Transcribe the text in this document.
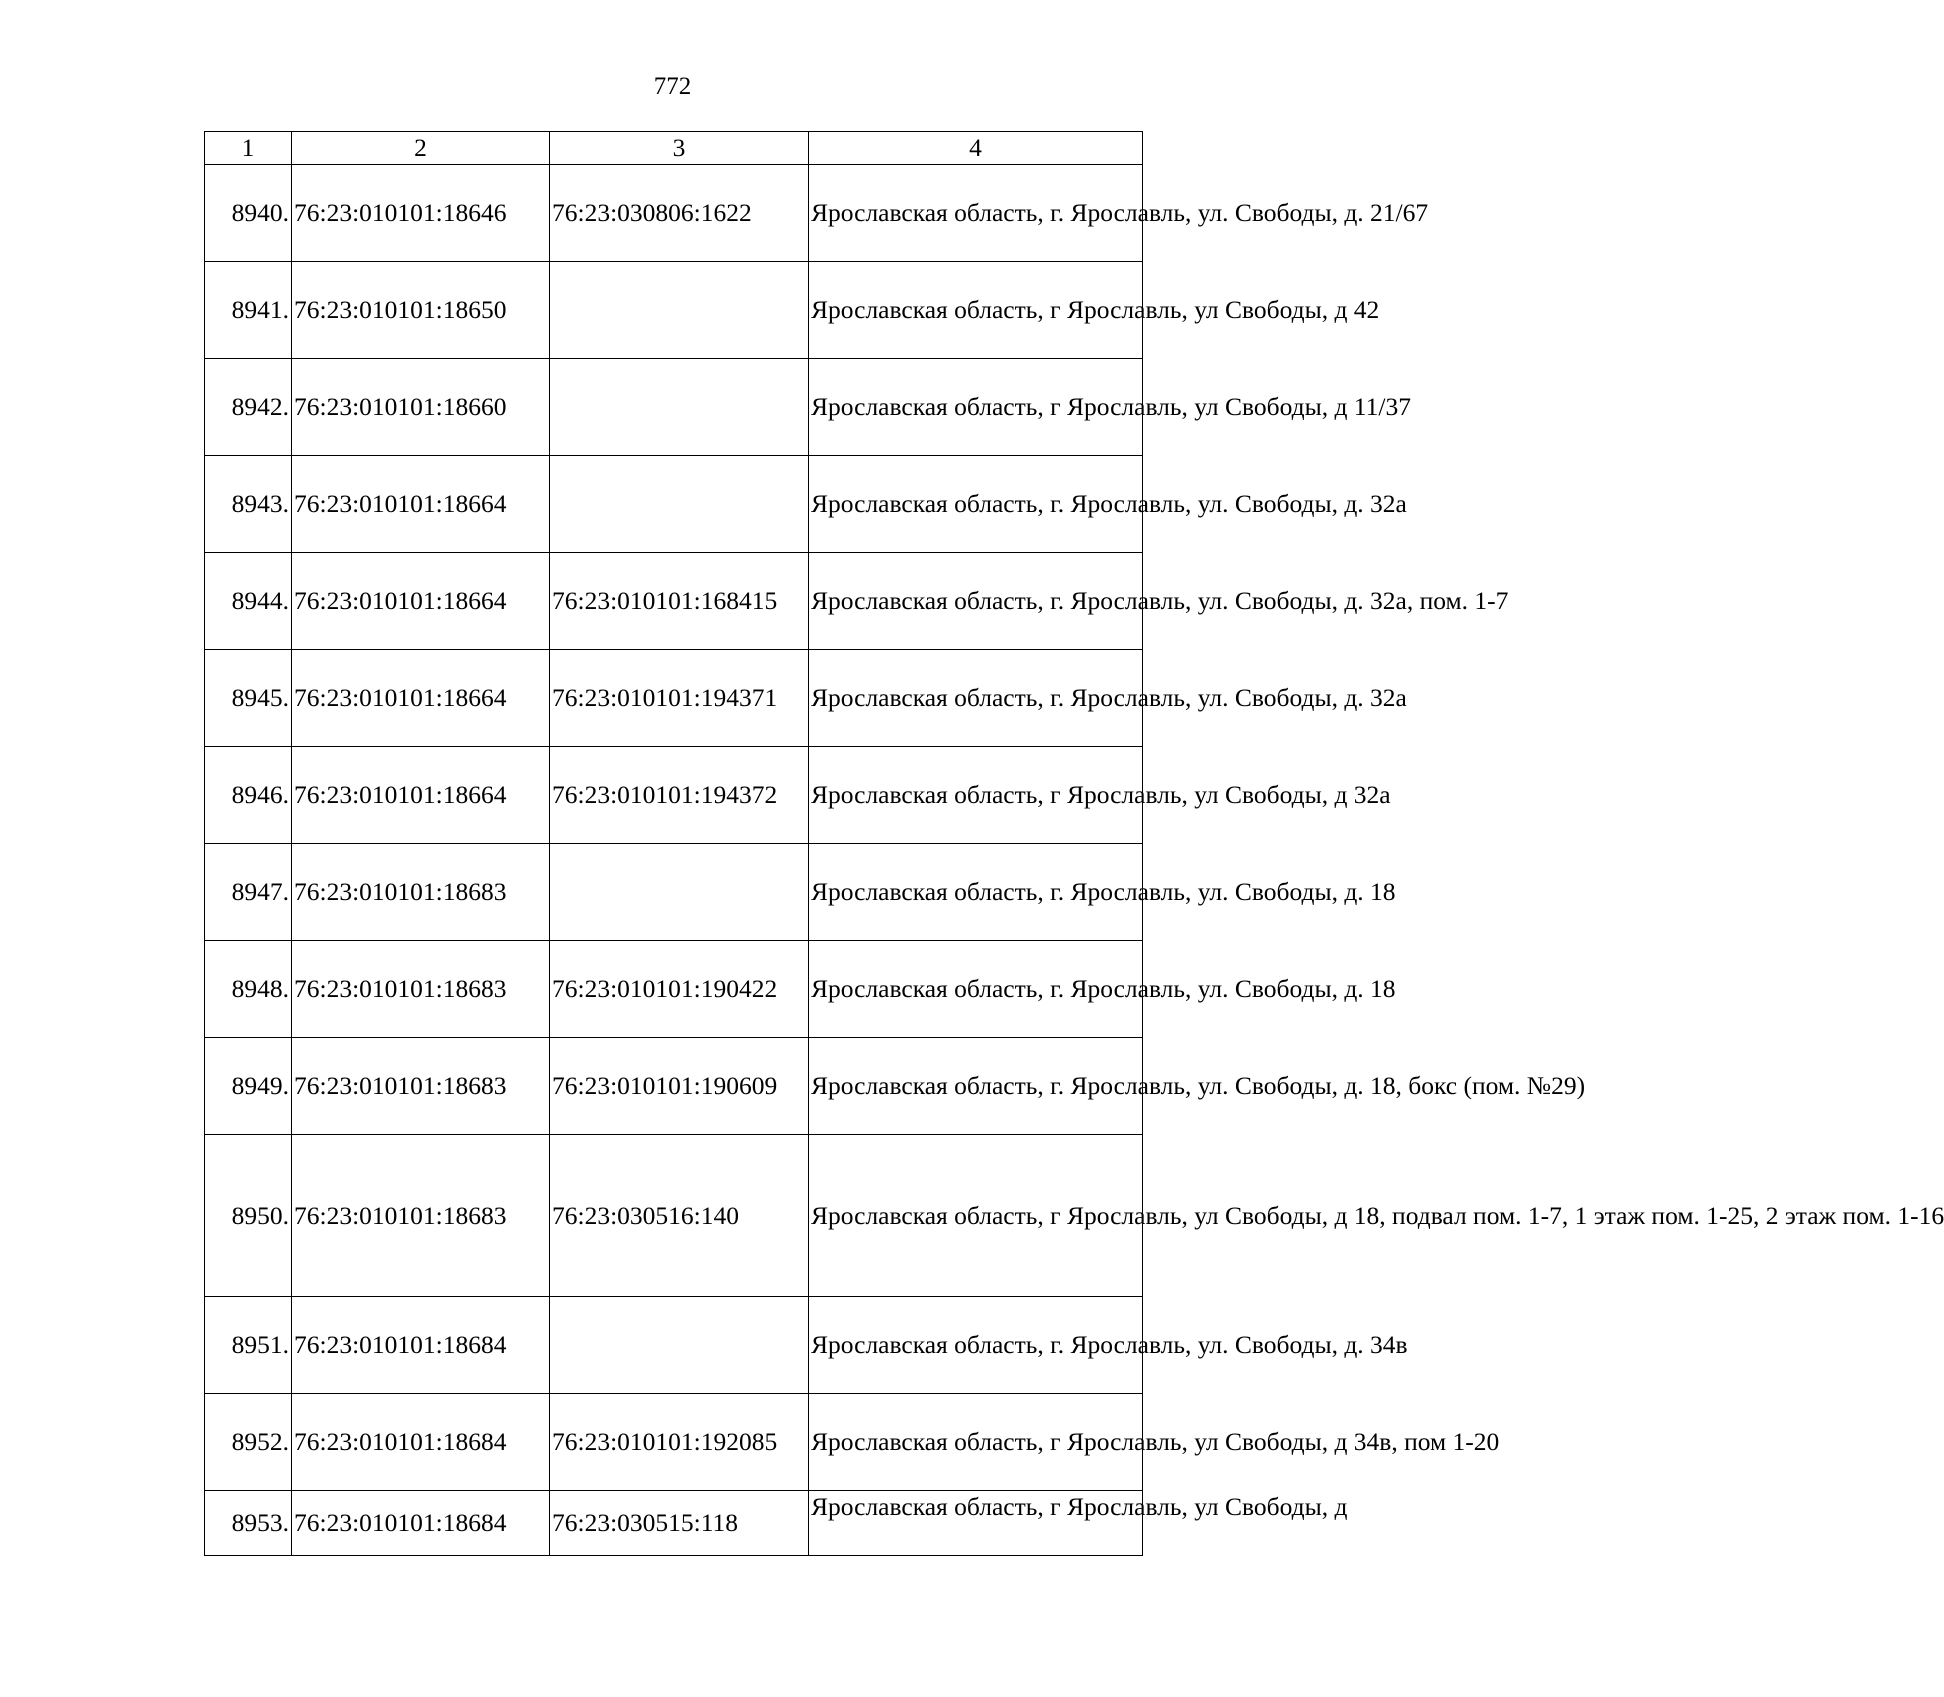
772
1	2	3	4
8940.	76:23:010101:18646	76:23:030806:1622	Ярославская область, г. Ярославль, ул. Свободы, д. 21/67
8941.	76:23:010101:18650		Ярославская область, г Ярославль, ул Свободы, д 42
8942.	76:23:010101:18660		Ярославская область, г Ярославль, ул Свободы, д 11/37
8943.	76:23:010101:18664		Ярославская область, г. Ярославль, ул. Свободы, д. 32а
8944.	76:23:010101:18664	76:23:010101:168415	Ярославская область, г. Ярославль, ул. Свободы, д. 32а, пом. 1-7
8945.	76:23:010101:18664	76:23:010101:194371	Ярославская область, г. Ярославль, ул. Свободы, д. 32а
8946.	76:23:010101:18664	76:23:010101:194372	Ярославская область, г Ярославль, ул Свободы, д 32а
8947.	76:23:010101:18683		Ярославская область, г. Ярославль, ул. Свободы, д. 18
8948.	76:23:010101:18683	76:23:010101:190422	Ярославская область, г. Ярославль, ул. Свободы, д. 18
8949.	76:23:010101:18683	76:23:010101:190609	Ярославская область, г. Ярославль, ул. Свободы, д. 18, бокс (пом. №29)
8950.	76:23:010101:18683	76:23:030516:140	Ярославская область, г Ярославль, ул Свободы, д 18, подвал пом. 1-7, 1 этаж пом. 1-25, 2 этаж пом. 1-16
8951.	76:23:010101:18684		Ярославская область, г. Ярославль, ул. Свободы, д. 34в
8952.	76:23:010101:18684	76:23:010101:192085	Ярославская область, г Ярославль, ул Свободы, д 34в, пом 1-20
8953.	76:23:010101:18684	76:23:030515:118	Ярославская область, г Ярославль, ул Свободы, д
